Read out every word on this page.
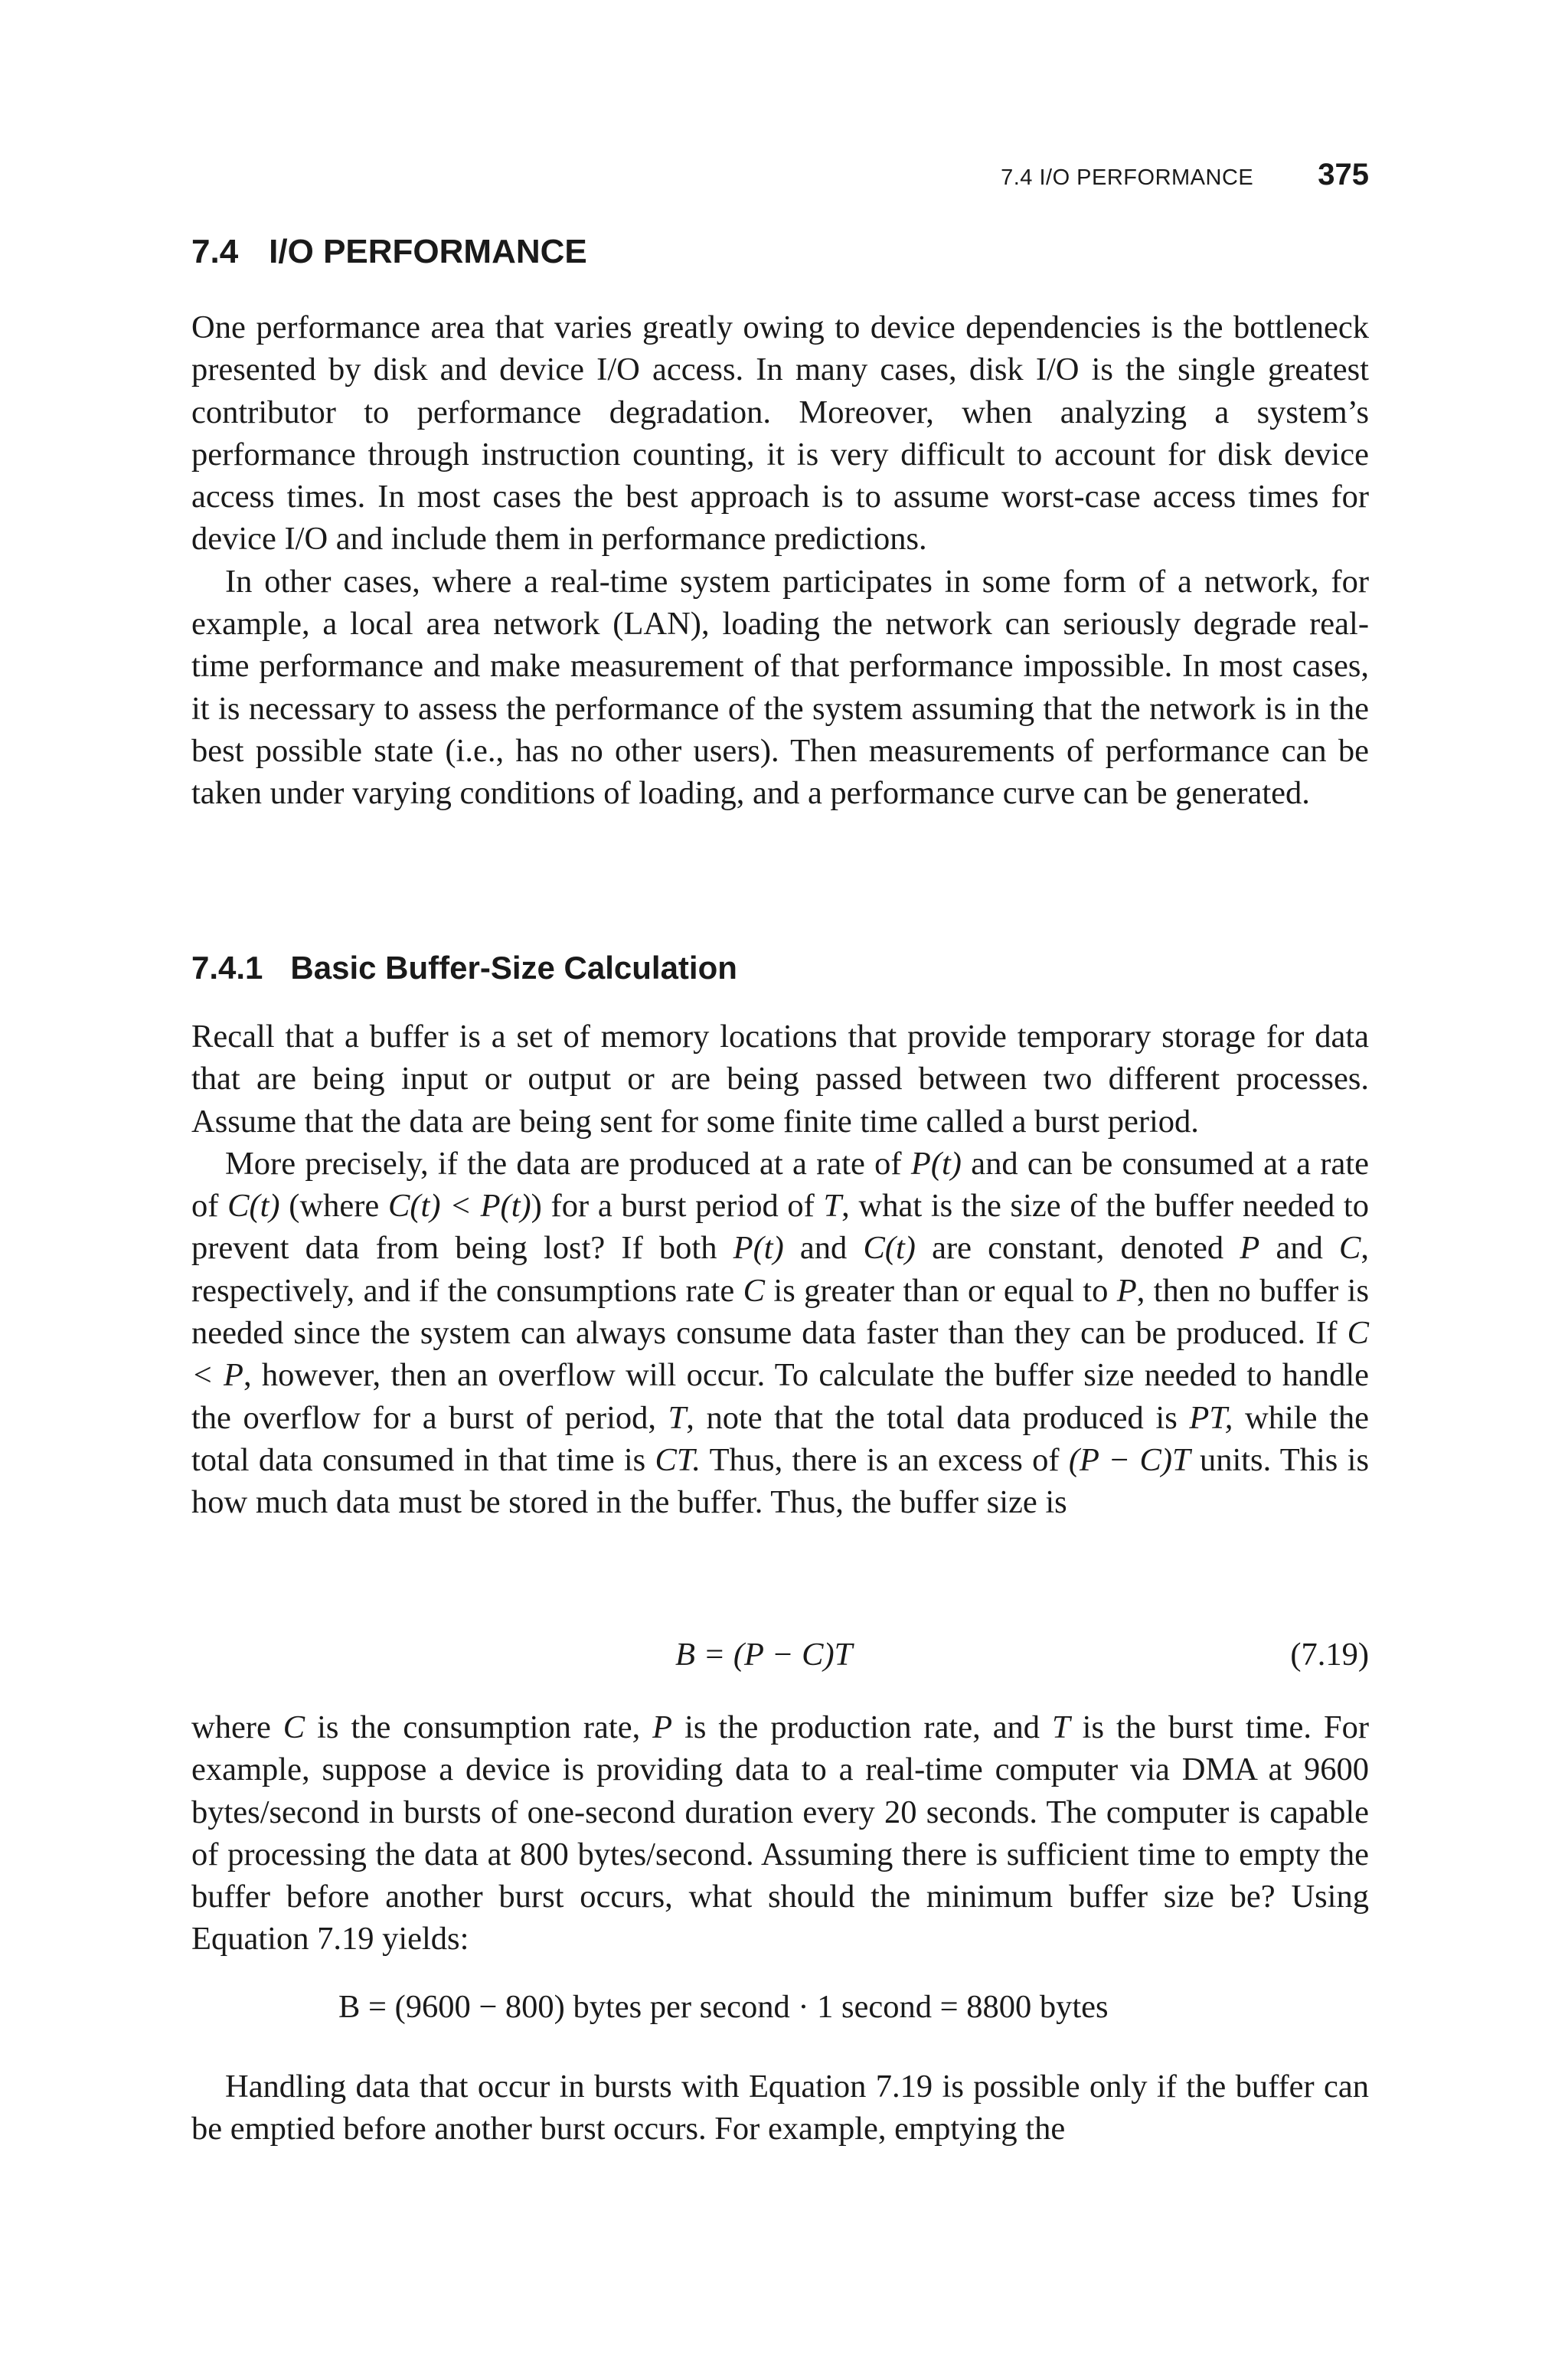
7.4 I/O PERFORMANCE 375
7.4 I/O PERFORMANCE

One performance area that varies greatly owing to device dependencies is the bottleneck presented by disk and device I/O access. In many cases, disk I/O is the single greatest contributor to performance degradation. Moreover, when analyzing a system’s performance through instruction counting, it is very difficult to account for disk device access times. In most cases the best approach is to assume worst-case access times for device I/O and include them in performance predictions.

In other cases, where a real-time system participates in some form of a network, for example, a local area network (LAN), loading the network can seriously degrade real-time performance and make measurement of that performance impossible. In most cases, it is necessary to assess the performance of the system assuming that the network is in the best possible state (i.e., has no other users). Then measurements of performance can be taken under varying conditions of loading, and a performance curve can be generated.

7.4.1 Basic Buffer-Size Calculation

Recall that a buffer is a set of memory locations that provide temporary storage for data that are being input or output or are being passed between two different processes. Assume that the data are being sent for some finite time called a burst period.

More precisely, if the data are produced at a rate of P(t) and can be consumed at a rate of C(t) (where C(t) < P(t)) for a burst period of T, what is the size of the buffer needed to prevent data from being lost? If both P(t) and C(t) are constant, denoted P and C, respectively, and if the consumptions rate C is greater than or equal to P, then no buffer is needed since the system can always consume data faster than they can be produced. If C < P, however, then an overflow will occur. To calculate the buffer size needed to handle the overflow for a burst of period, T, note that the total data produced is PT, while the total data consumed in that time is CT. Thus, there is an excess of (P − C)T units. This is how much data must be stored in the buffer. Thus, the buffer size is

B = (P − C)T	(7.19)

where C is the consumption rate, P is the production rate, and T is the burst time. For example, suppose a device is providing data to a real-time computer via DMA at 9600 bytes/second in bursts of one-second duration every 20 seconds. The computer is capable of processing the data at 800 bytes/second. Assuming there is sufficient time to empty the buffer before another burst occurs, what should the minimum buffer size be? Using Equation 7.19 yields:

B = (9600 − 800) bytes per second · 1 second = 8800 bytes

Handling data that occur in bursts with Equation 7.19 is possible only if the buffer can be emptied before another burst occurs. For example, emptying the
